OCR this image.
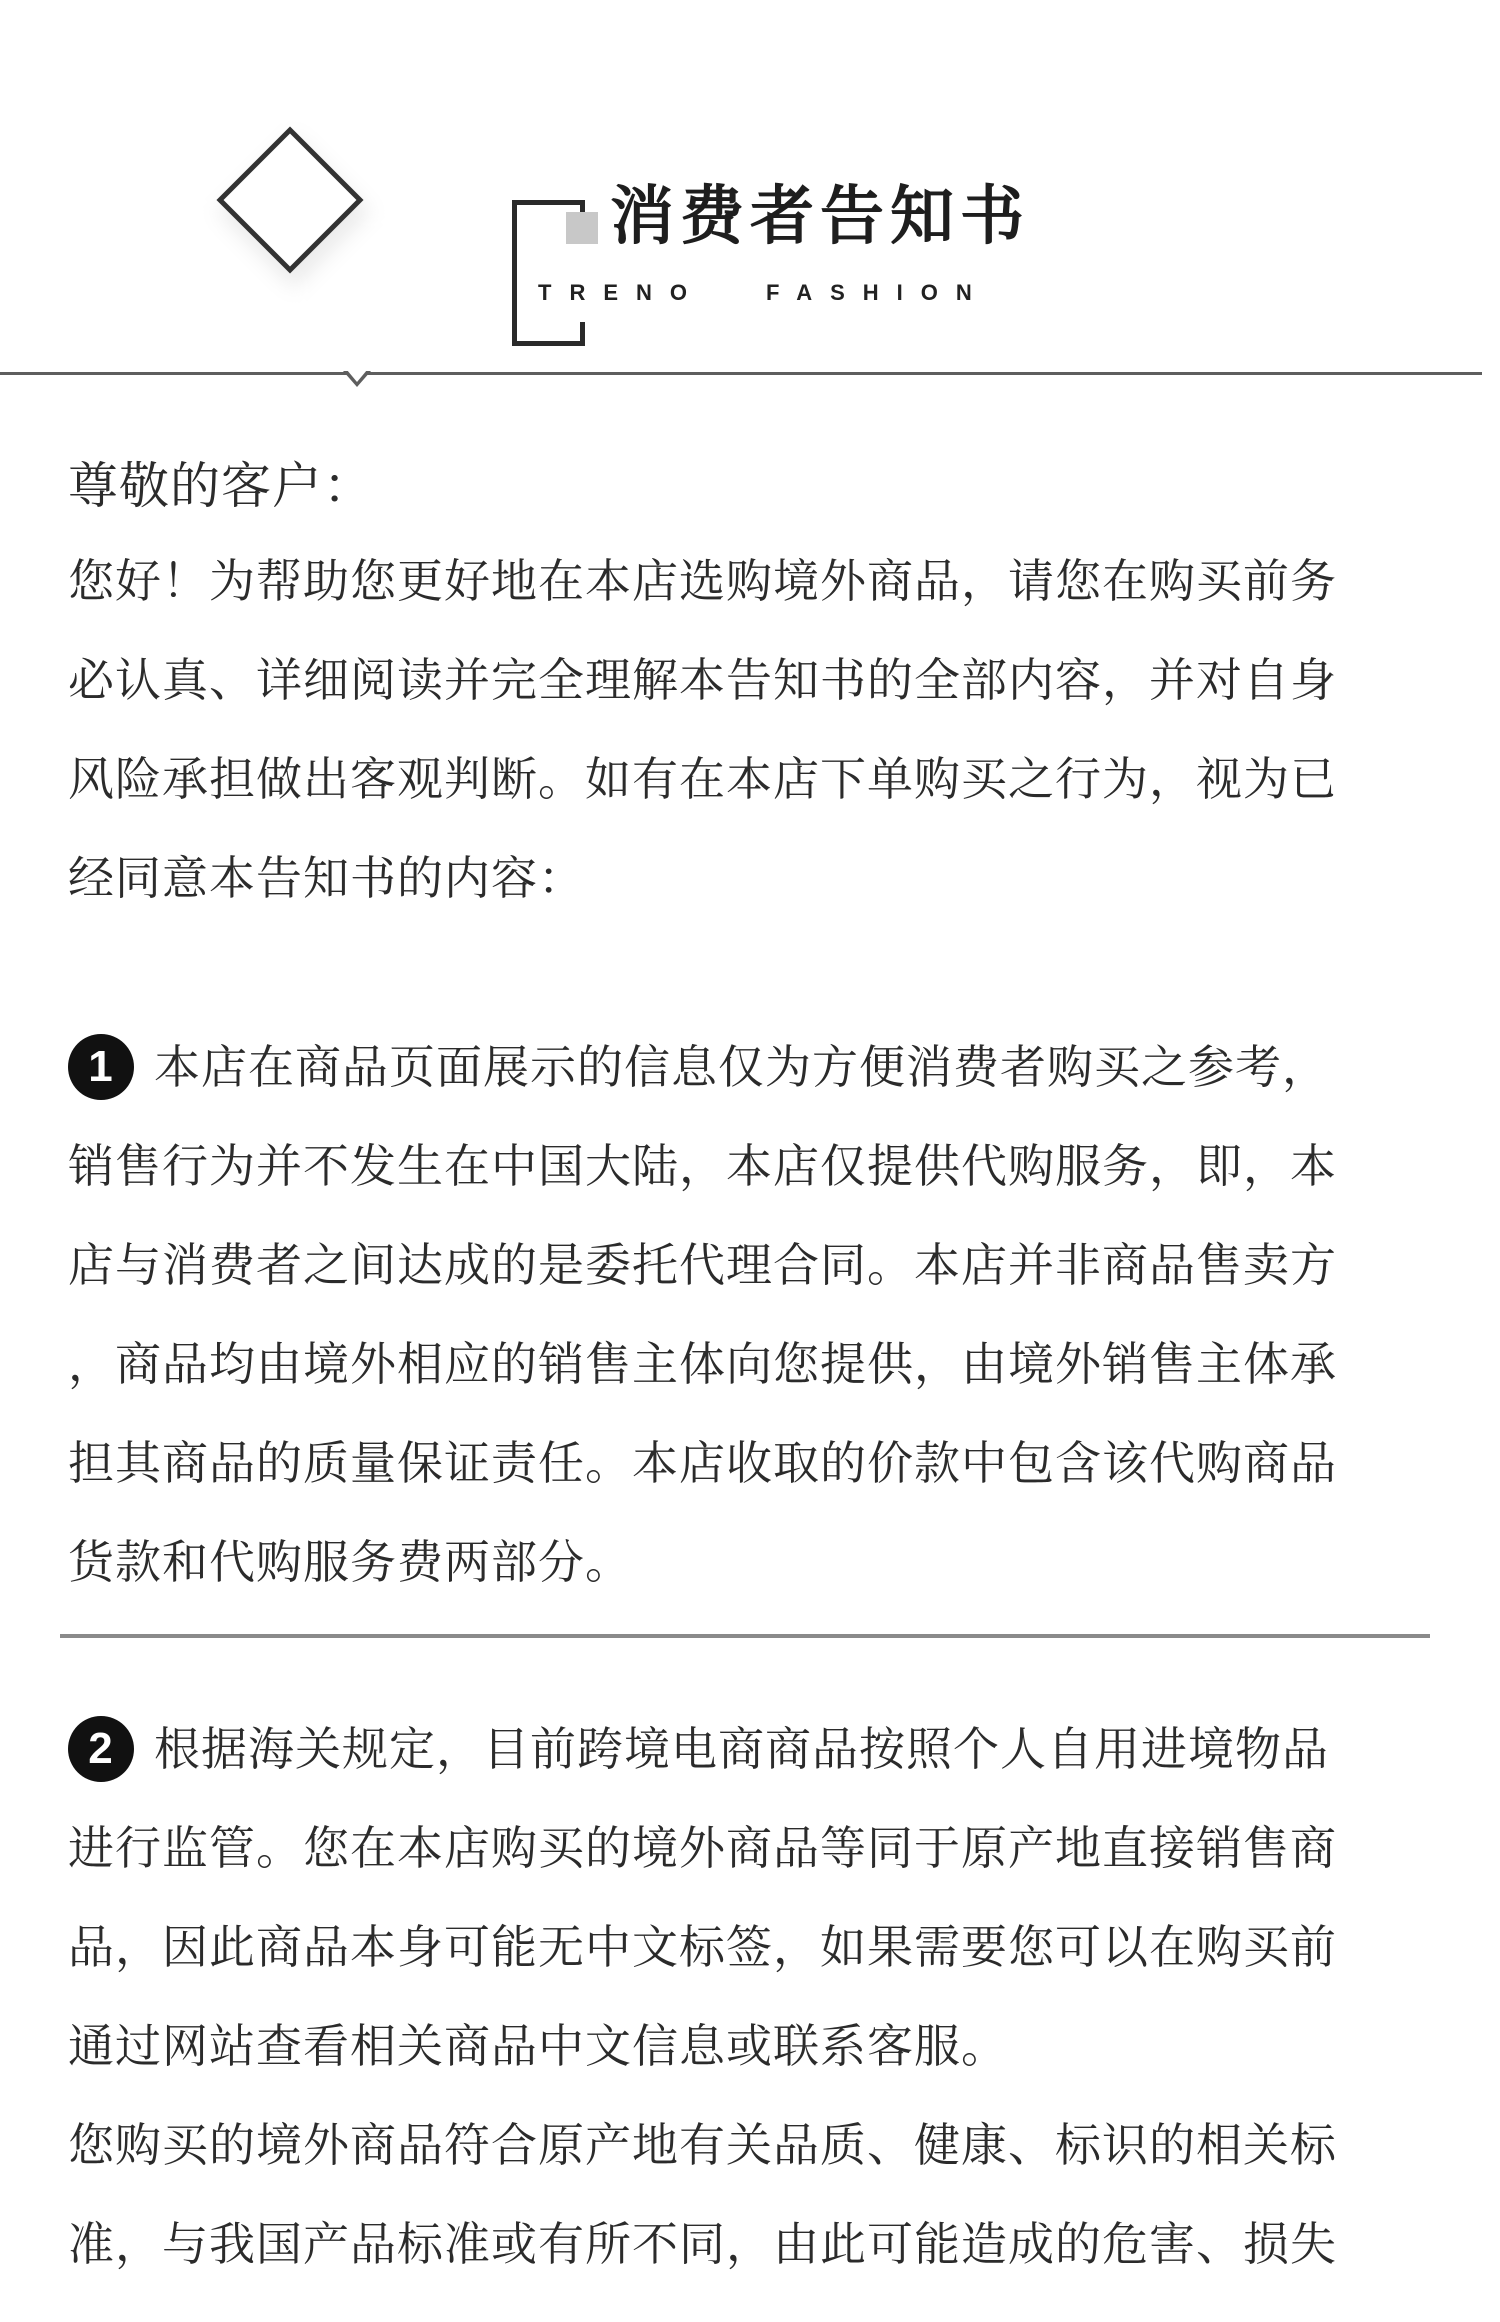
消费者告知书
TRENO	FASHION
尊敬的客户：
您好！为帮助您更好地在本店选购境外商品，请您在购买前务
必认真、详细阅读并完全理解本告知书的全部内容，并对自身
风险承担做出客观判断。如有在本店下单购买之行为，视为已
经同意本告知书的内容：
1 本店在商品页面展示的信息仅为方便消费者购买之参考，
销售行为并不发生在中国大陆，本店仅提供代购服务，即，本
店与消费者之间达成的是委托代理合同。本店并非商品售卖方
，商品均由境外相应的销售主体向您提供，由境外销售主体承
担其商品的质量保证责任。本店收取的价款中包含该代购商品
货款和代购服务费两部分。
2 根据海关规定，目前跨境电商商品按照个人自用进境物品
进行监管。您在本店购买的境外商品等同于原产地直接销售商
品，因此商品本身可能无中文标签，如果需要您可以在购买前
通过网站查看相关商品中文信息或联系客服。
您购买的境外商品符合原产地有关品质、健康、标识的相关标
准，与我国产品标准或有所不同，由此可能造成的危害、损失
